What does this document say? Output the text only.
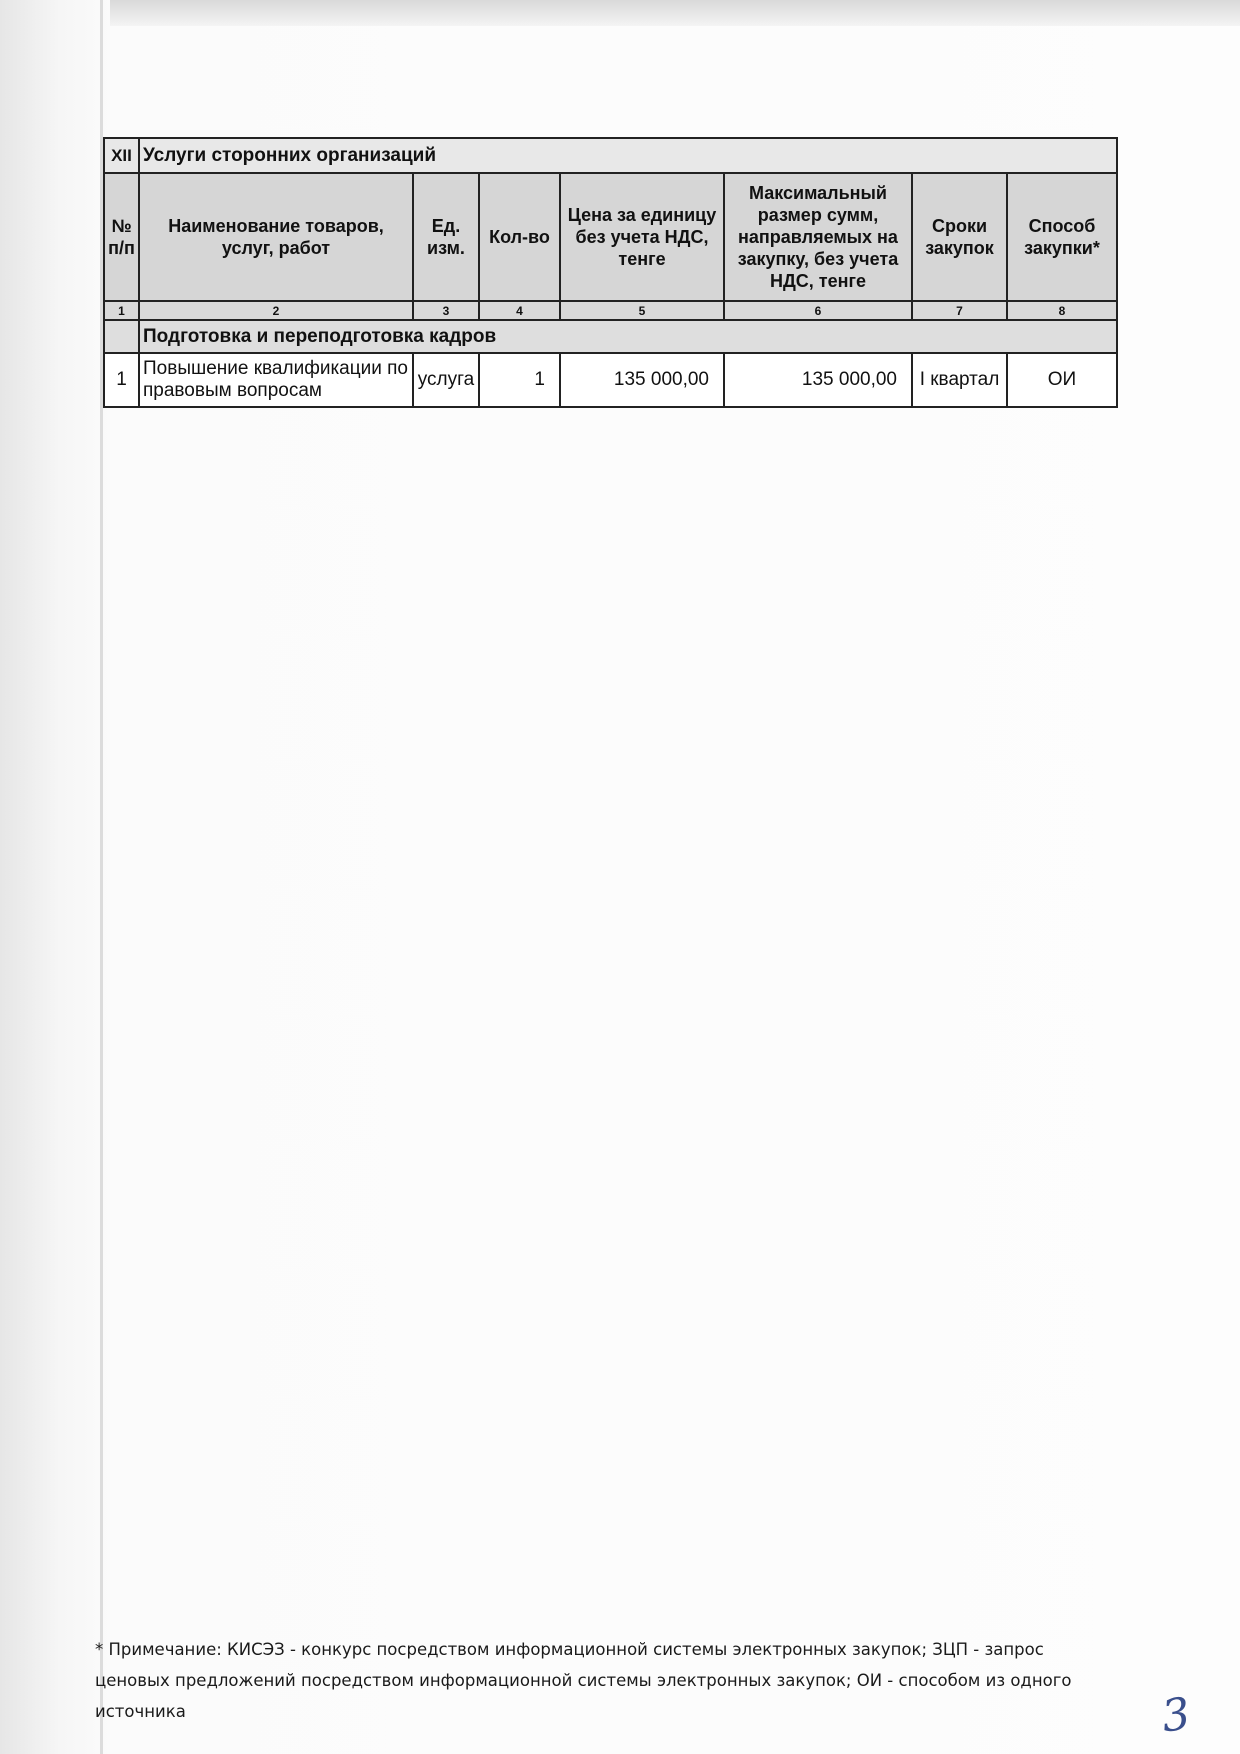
XII	Услуги сторонних организаций						
№ п/п	Наименование товаров, услуг, работ	Ед. изм.	Кол-во	Цена за единицу без учета НДС, тенге	Максимальный размер сумм, направляемых на закупку, без учета НДС, тенге	Сроки закупок	Способ закупки*
1	2	3	4	5	6	7	8
	Подготовка и переподготовка кадров						
1	Повышение квалификации по правовым вопросам	услуга	1	135 000,00	135 000,00	I квартал	ОИ
* Примечание: КИСЭЗ - конкурс посредством информационной системы электронных закупок; ЗЦП - запрос ценовых предложений посредством информационной системы электронных закупок; ОИ - способом из одного источника	3
